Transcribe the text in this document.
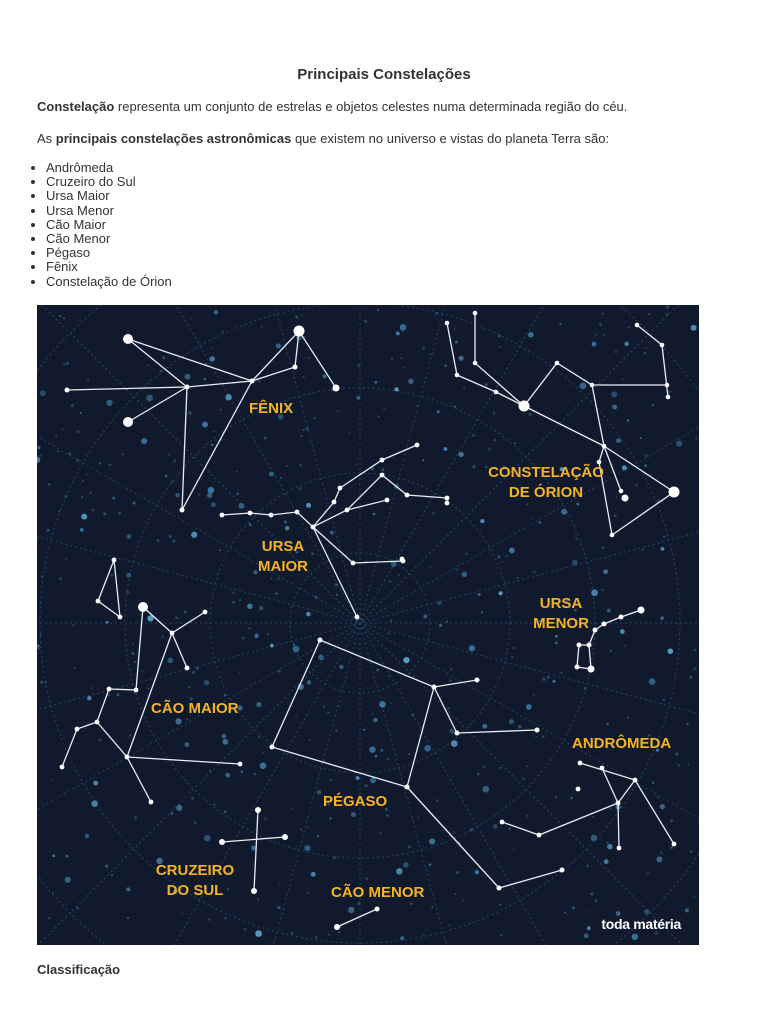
Principais Constelações
Constelação representa um conjunto de estrelas e objetos celestes numa determinada região do céu.
As principais constelações astronômicas que existem no universo e vistas do planeta Terra são:
• Andrômeda
• Cruzeiro do Sul
• Ursa Maior
• Ursa Menor
• Cão Maior
• Cão Menor
• Pégaso
• Fênix
• Constelação de Órion
FÊNIX
CONSTELAÇÃO
DE ÓRION
URSA
MAIOR
URSA
MENOR
CÃO MAIOR
ANDRÔMEDA
PÉGASO
CRUZEIRO
DO SUL	CÃO MENOR
toda matéria
Classificação
